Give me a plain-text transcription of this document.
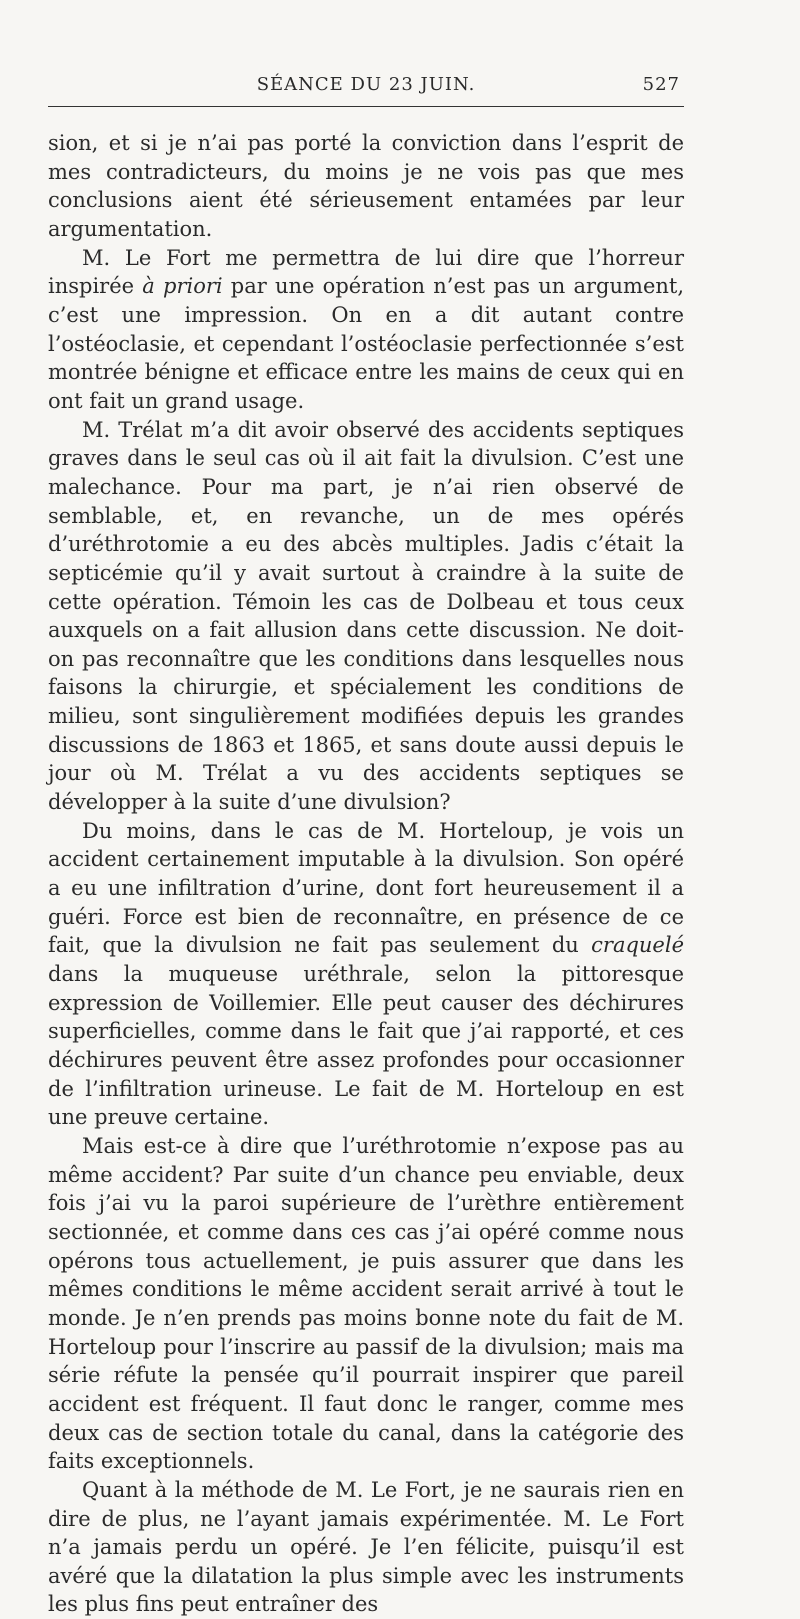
SÉANCE DU 23 JUIN.	527

sion, et si je n’ai pas porté la conviction dans l’esprit de mes contradicteurs, du moins je ne vois pas que mes conclusions aient été sérieusement entamées par leur argumentation.

M. Le Fort me permettra de lui dire que l’horreur inspirée à priori par une opération n’est pas un argument, c’est une impression. On en a dit autant contre l’ostéoclasie, et cependant l’ostéoclasie perfectionnée s’est montrée bénigne et efficace entre les mains de ceux qui en ont fait un grand usage.

M. Trélat m’a dit avoir observé des accidents septiques graves dans le seul cas où il ait fait la divulsion. C’est une malechance. Pour ma part, je n’ai rien observé de semblable, et, en revanche, un de mes opérés d’uréthrotomie a eu des abcès multiples. Jadis c’était la septicémie qu’il y avait surtout à craindre à la suite de cette opération. Témoin les cas de Dolbeau et tous ceux auxquels on a fait allusion dans cette discussion. Ne doit-on pas reconnaître que les conditions dans lesquelles nous faisons la chirurgie, et spécialement les conditions de milieu, sont singulièrement modifiées depuis les grandes discussions de 1863 et 1865, et sans doute aussi depuis le jour où M. Trélat a vu des accidents septiques se développer à la suite d’une divulsion?

Du moins, dans le cas de M. Horteloup, je vois un accident certainement imputable à la divulsion. Son opéré a eu une infiltration d’urine, dont fort heureusement il a guéri. Force est bien de reconnaître, en présence de ce fait, que la divulsion ne fait pas seulement du craquelé dans la muqueuse uréthrale, selon la pittoresque expression de Voillemier. Elle peut causer des déchirures superficielles, comme dans le fait que j’ai rapporté, et ces déchirures peuvent être assez profondes pour occasionner de l’infiltration urineuse. Le fait de M. Horteloup en est une preuve certaine.

Mais est-ce à dire que l’uréthrotomie n’expose pas au même accident? Par suite d’un chance peu enviable, deux fois j’ai vu la paroi supérieure de l’urèthre entièrement sectionnée, et comme dans ces cas j’ai opéré comme nous opérons tous actuellement, je puis assurer que dans les mêmes conditions le même accident serait arrivé à tout le monde. Je n’en prends pas moins bonne note du fait de M. Horteloup pour l’inscrire au passif de la divulsion; mais ma série réfute la pensée qu’il pourrait inspirer que pareil accident est fréquent. Il faut donc le ranger, comme mes deux cas de section totale du canal, dans la catégorie des faits exceptionnels.

Quant à la méthode de M. Le Fort, je ne saurais rien en dire de plus, ne l’ayant jamais expérimentée. M. Le Fort n’a jamais perdu un opéré. Je l’en félicite, puisqu’il est avéré que la dilatation la plus simple avec les instruments les plus fins peut entraîner des
